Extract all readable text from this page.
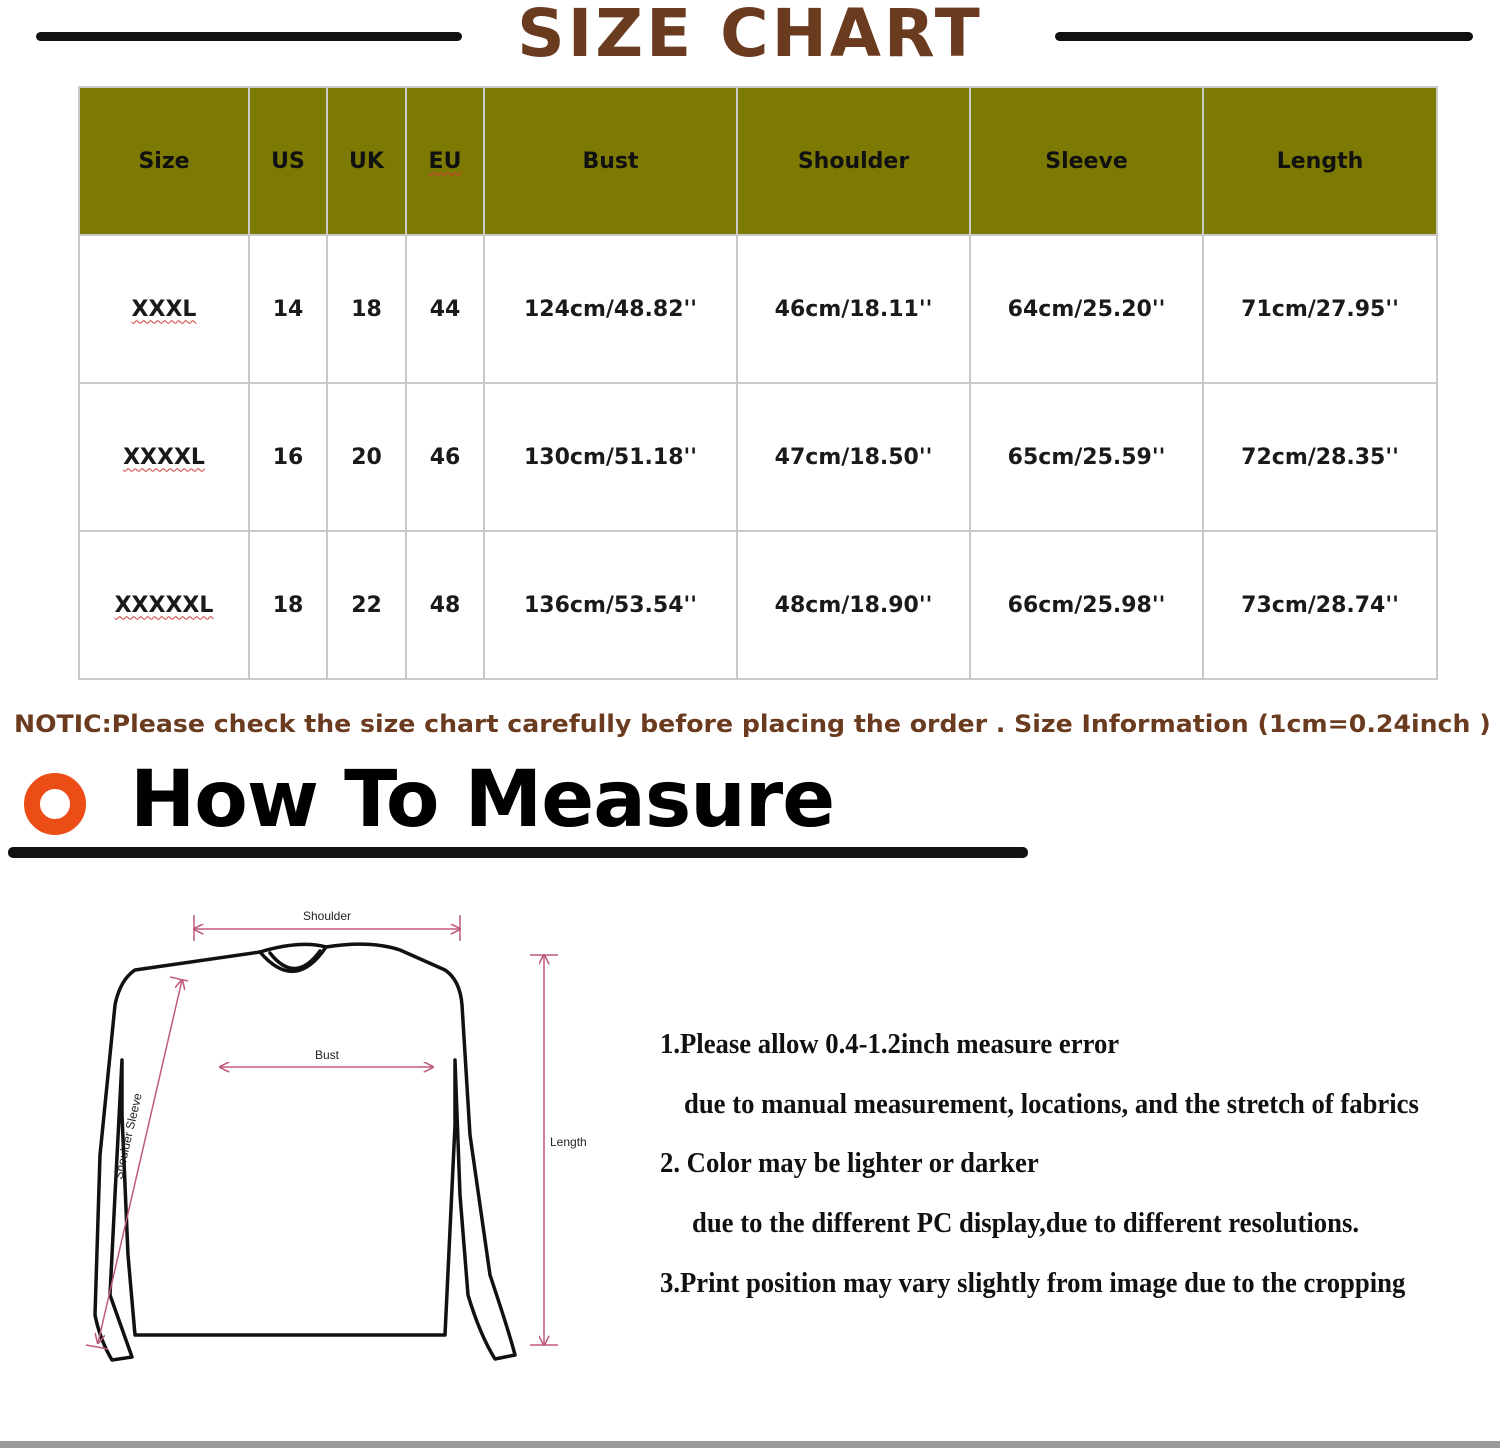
SIZE CHART
Size	US	UK	EU	Bust	Shoulder	Sleeve	Length
XXXL	14	18	44	124cm/48.82''	46cm/18.11''	64cm/25.20''	71cm/27.95''
XXXXL	16	20	46	130cm/51.18''	47cm/18.50''	65cm/25.59''	72cm/28.35''
XXXXXL	18	22	48	136cm/53.54''	48cm/18.90''	66cm/25.98''	73cm/28.74''
NOTIC:Please check the size chart carefully before placing the order . Size Information (1cm=0.24inch )
How To Measure
Shoulder
Bust
Length
Shoulder Sleeve
1.Please allow 0.4-1.2inch measure error
due to manual measurement, locations, and the stretch of fabrics
2. Color may be lighter or darker
due to the different PC display,due to different resolutions.
3.Print position may vary slightly from image due to the cropping
